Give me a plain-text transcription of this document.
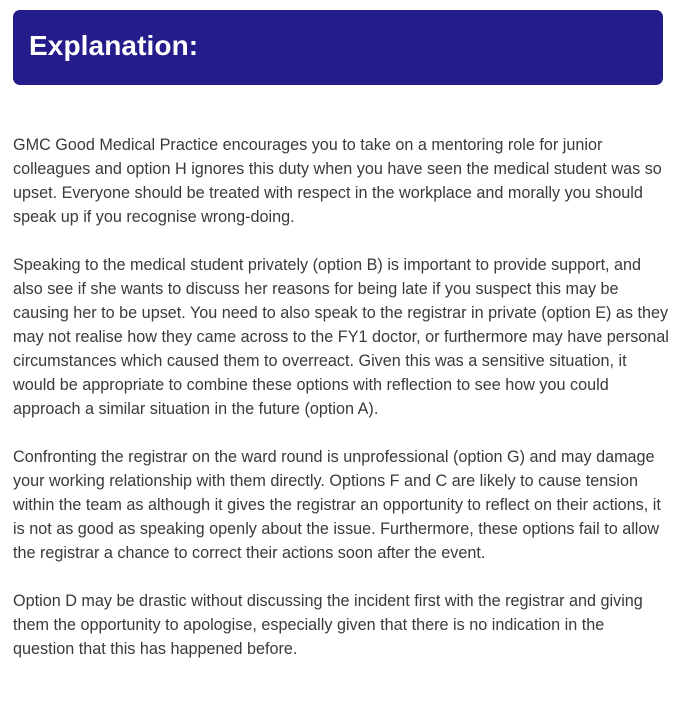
Explanation:

GMC Good Medical Practice encourages you to take on a mentoring role for junior colleagues and option H ignores this duty when you have seen the medical student was so upset. Everyone should be treated with respect in the workplace and morally you should speak up if you recognise wrong-doing.

Speaking to the medical student privately (option B) is important to provide support, and also see if she wants to discuss her reasons for being late if you suspect this may be causing her to be upset. You need to also speak to the registrar in private (option E) as they may not realise how they came across to the FY1 doctor, or furthermore may have personal circumstances which caused them to overreact. Given this was a sensitive situation, it would be appropriate to combine these options with reflection to see how you could approach a similar situation in the future (option A).

Confronting the registrar on the ward round is unprofessional (option G) and may damage your working relationship with them directly. Options F and C are likely to cause tension within the team as although it gives the registrar an opportunity to reflect on their actions, it is not as good as speaking openly about the issue. Furthermore, these options fail to allow the registrar a chance to correct their actions soon after the event.

Option D may be drastic without discussing the incident first with the registrar and giving them the opportunity to apologise, especially given that there is no indication in the question that this has happened before.
